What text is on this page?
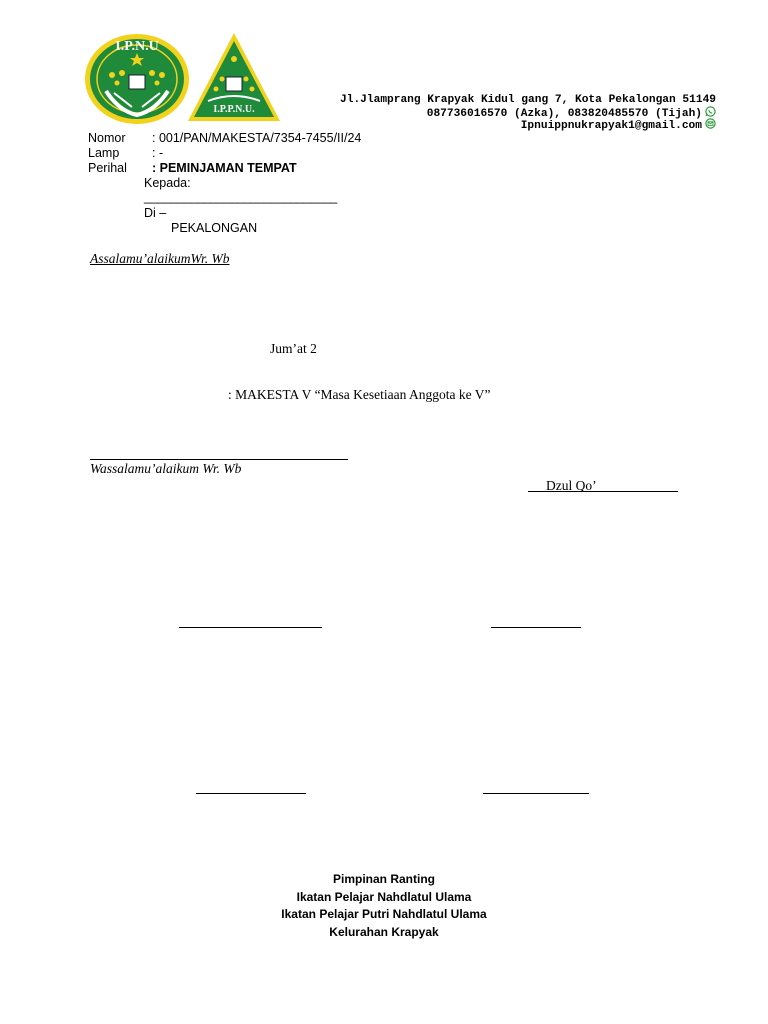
I.P.N.U
I.P.P.N.U.
Jl.Jlamprang Krapyak Kidul gang 7, Kota Pekalongan 51149
087736016570 (Azka), 083820485570 (Tijah)
Ipnuippnukrapyak1@gmail.com
Nomor : 001/PAN/MAKESTA/7354-7455/II/24
Lamp	: -
Perihal : PEMINJAMAN TEMPAT
Kepada:
_____________________________
Di –
PEKALONGAN
Assalamu’alaikumWr. Wb
Jum’at 2
: MAKESTA V “Masa Kesetiaan Anggota ke V”
Wassalamu’alaikum Wr. Wb
Dzul Qo’
Pimpinan Ranting
Ikatan Pelajar Nahdlatul Ulama
Ikatan Pelajar Putri Nahdlatul Ulama
Kelurahan Krapyak
